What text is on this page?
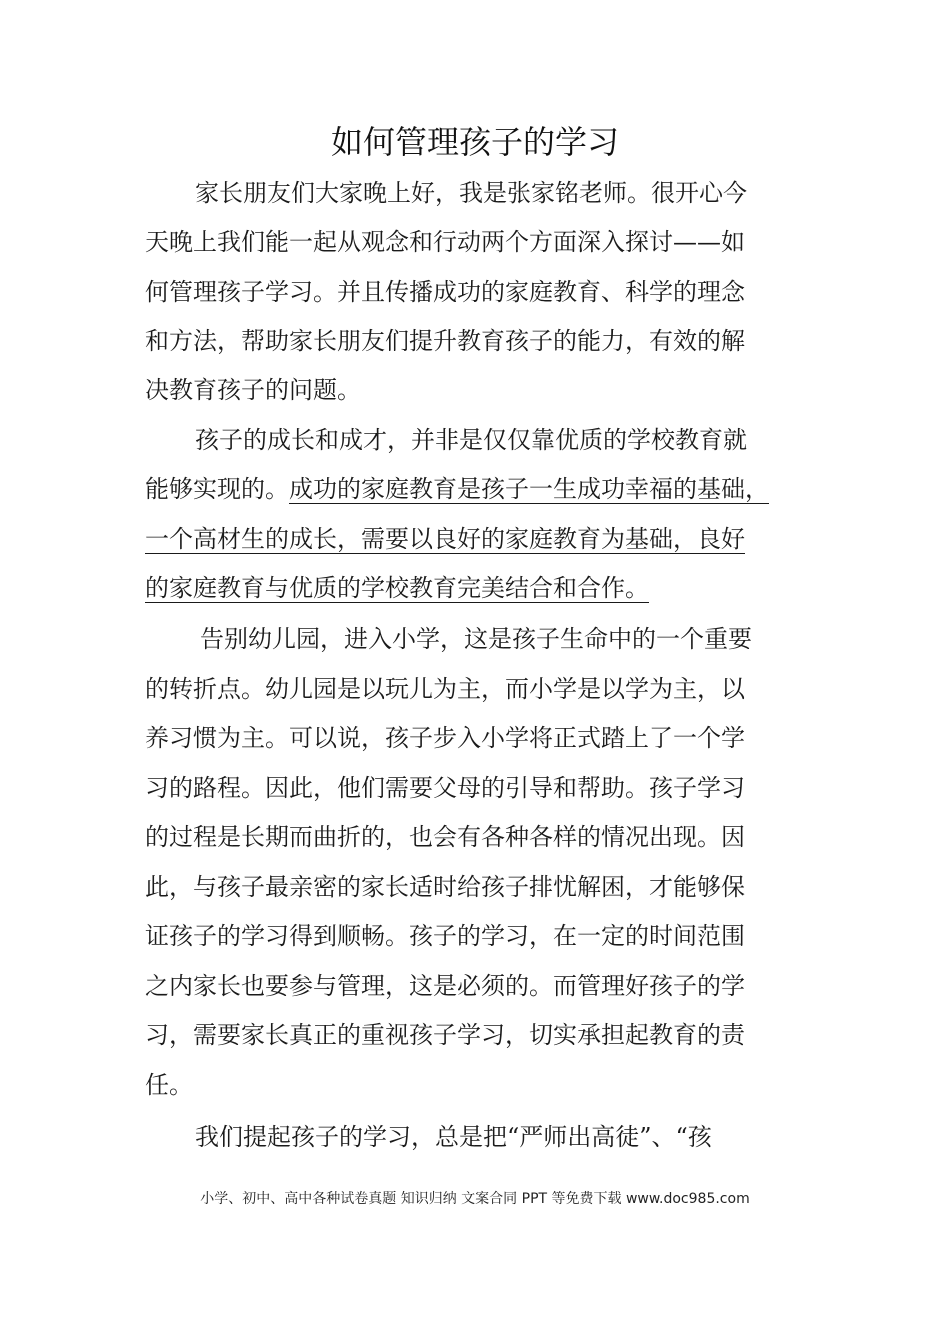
如何管理孩子的学习
家长朋友们大家晚上好，我是张家铭老师。很开心今
天晚上我们能一起从观念和行动两个方面深入探讨——如
何管理孩子学习。并且传播成功的家庭教育、科学的理念
和方法，帮助家长朋友们提升教育孩子的能力，有效的解
决教育孩子的问题。
孩子的成长和成才，并非是仅仅靠优质的学校教育就
能够实现的。成功的家庭教育是孩子一生成功幸福的基础，
一个高材生的成长，需要以良好的家庭教育为基础，良好
的家庭教育与优质的学校教育完美结合和合作。
告别幼儿园，进入小学，这是孩子生命中的一个重要
的转折点。幼儿园是以玩儿为主，而小学是以学为主，以
养习惯为主。可以说，孩子步入小学将正式踏上了一个学
习的路程。因此，他们需要父母的引导和帮助。孩子学习
的过程是长期而曲折的，也会有各种各样的情况出现。因
此，与孩子最亲密的家长适时给孩子排忧解困，才能够保
证孩子的学习得到顺畅。孩子的学习，在一定的时间范围
之内家长也要参与管理，这是必须的。而管理好孩子的学
习，需要家长真正的重视孩子学习，切实承担起教育的责
任。
我们提起孩子的学习，总是把“严师出高徒”、“孩
小学、初中、高中各种试卷真题 知识归纳 文案合同 PPT 等免费下载 www.doc985.com
